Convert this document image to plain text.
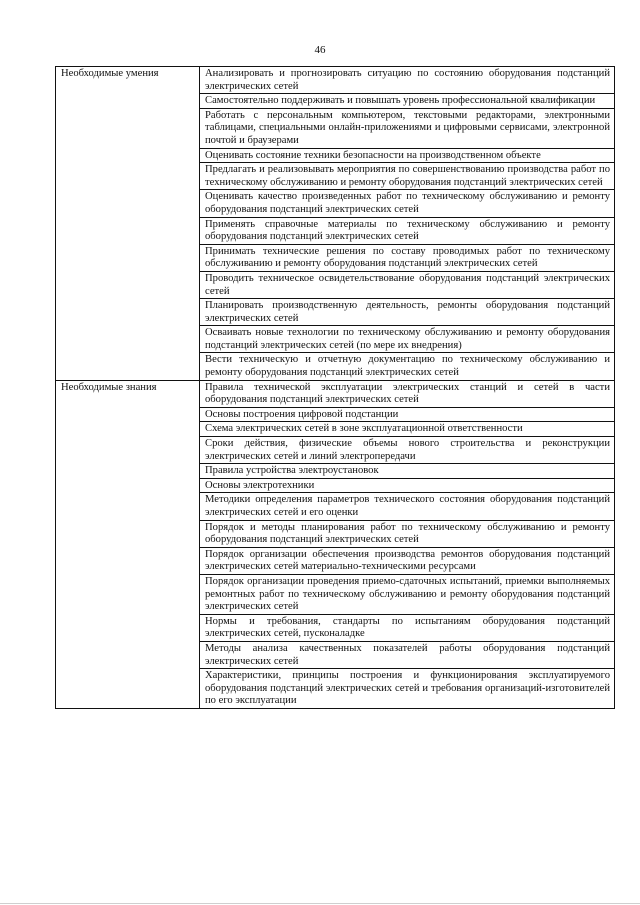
46
Необходимые умения	Анализировать и прогнозировать ситуацию по состоянию оборудования подстанций электрических сетей
	Самостоятельно поддерживать и повышать уровень профессиональной квалификации
	Работать с персональным компьютером, текстовыми редакторами, электронными таблицами, специальными онлайн-приложениями и цифровыми сервисами, электронной почтой и браузерами
	Оценивать состояние техники безопасности на производственном объекте
	Предлагать и реализовывать мероприятия по совершенствованию производства работ по техническому обслуживанию и ремонту оборудования подстанций электрических сетей
	Оценивать качество произведенных работ по техническому обслуживанию и ремонту оборудования подстанций электрических сетей
	Применять справочные материалы по техническому обслуживанию и ремонту оборудования подстанций электрических сетей
	Принимать технические решения по составу проводимых работ по техническому обслуживанию и ремонту оборудования подстанций электрических сетей
	Проводить техническое освидетельствование оборудования подстанций электрических сетей
	Планировать производственную деятельность, ремонты оборудования подстанций электрических сетей
	Осваивать новые технологии по техническому обслуживанию и ремонту оборудования подстанций электрических сетей (по мере их внедрения)
	Вести техническую и отчетную документацию по техническому обслуживанию и ремонту оборудования подстанций электрических сетей
Необходимые знания	Правила технической эксплуатации электрических станций и сетей в части оборудования подстанций электрических сетей
	Основы построения цифровой подстанции
	Схема электрических сетей в зоне эксплуатационной ответственности
	Сроки действия, физические объемы нового строительства и реконструкции электрических сетей и линий электропередачи
	Правила устройства электроустановок
	Основы электротехники
	Методики определения параметров технического состояния оборудования подстанций электрических сетей и его оценки
	Порядок и методы планирования работ по техническому обслуживанию и ремонту оборудования подстанций электрических сетей
	Порядок организации обеспечения производства ремонтов оборудования подстанций электрических сетей материально-техническими ресурсами
	Порядок организации проведения приемо-сдаточных испытаний, приемки выполняемых ремонтных работ по техническому обслуживанию и ремонту оборудования подстанций электрических сетей
	Нормы и требования, стандарты по испытаниям оборудования подстанций электрических сетей, пусконаладке
	Методы анализа качественных показателей работы оборудования подстанций электрических сетей
	Характеристики, принципы построения и функционирования эксплуатируемого оборудования подстанций электрических сетей и требования организаций-изготовителей по его эксплуатации
